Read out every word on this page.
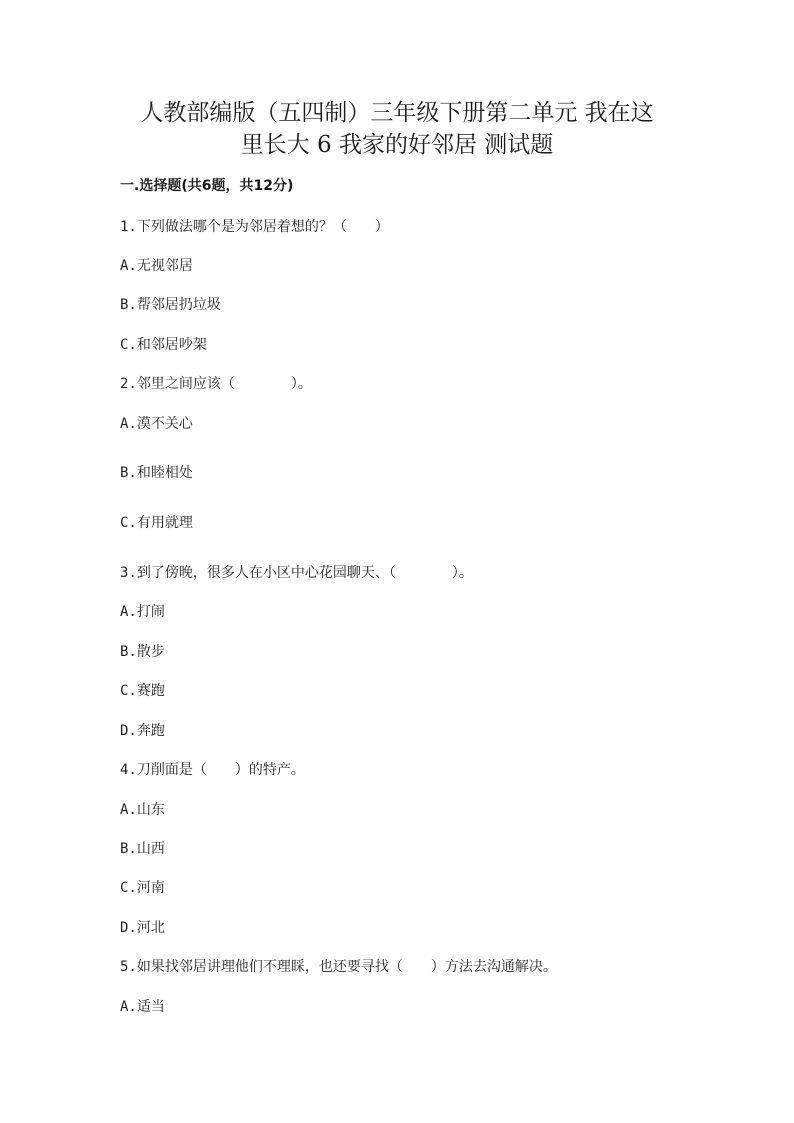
人教部编版（五四制）三年级下册第二单元 我在这
里长大 6 我家的好邻居 测试题
一.选择题(共6题，共12分)
1.下列做法哪个是为邻居着想的？（　　）
A.无视邻居
B.帮邻居扔垃圾
C.和邻居吵架
2.邻里之间应该（　　　　）。
A.漠不关心
B.和睦相处
C.有用就理
3.到了傍晚，很多人在小区中心花园聊天、（　　　　）。
A.打闹
B.散步
C.赛跑
D.奔跑
4.刀削面是（　　）的特产。
A.山东
B.山西
C.河南
D.河北
5.如果找邻居讲理他们不理睬，也还要寻找（　　）方法去沟通解决。
A.适当
